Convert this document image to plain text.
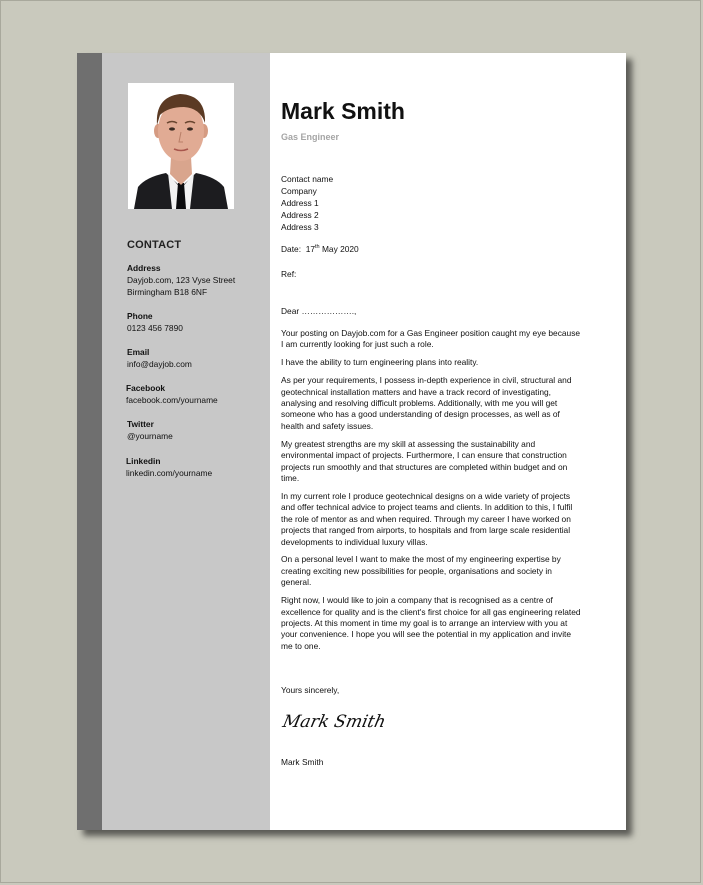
CONTACT
Address
Dayjob.com, 123 Vyse Street
Birmingham B18 6NF
Phone
0123 456 7890
Email
info@dayjob.com
Facebook
facebook.com/yourname
Twitter
@yourname
Linkedin
linkedin.com/yourname
Mark Smith
Gas Engineer
Contact name
Company
Address 1
Address 2
Address 3
Date: 17th May 2020
Ref:
Dear ……………….,

Your posting on Dayjob.com for a Gas Engineer position caught my eye because I am currently looking for just such a role.

I have the ability to turn engineering plans into reality.

As per your requirements, I possess in-depth experience in civil, structural and geotechnical installation matters and have a track record of investigating, analysing and resolving difficult problems. Additionally, with me you will get someone who has a good understanding of design processes, as well as of health and safety issues.

My greatest strengths are my skill at assessing the sustainability and environmental impact of projects. Furthermore, I can ensure that construction projects run smoothly and that structures are completed within budget and on time.

In my current role I produce geotechnical designs on a wide variety of projects and offer technical advice to project teams and clients. In addition to this, I fulfil the role of mentor as and when required. Through my career I have worked on projects that ranged from airports, to hospitals and from large scale residential developments to individual luxury villas.

On a personal level I want to make the most of my engineering expertise by creating exciting new possibilities for people, organisations and society in general.

Right now, I would like to join a company that is recognised as a centre of excellence for quality and is the client's first choice for all gas engineering related projects. At this moment in time my goal is to arrange an interview with you at your convenience. I hope you will see the potential in my application and invite me to one.

Yours sincerely,
Mark Smith
Mark Smith
